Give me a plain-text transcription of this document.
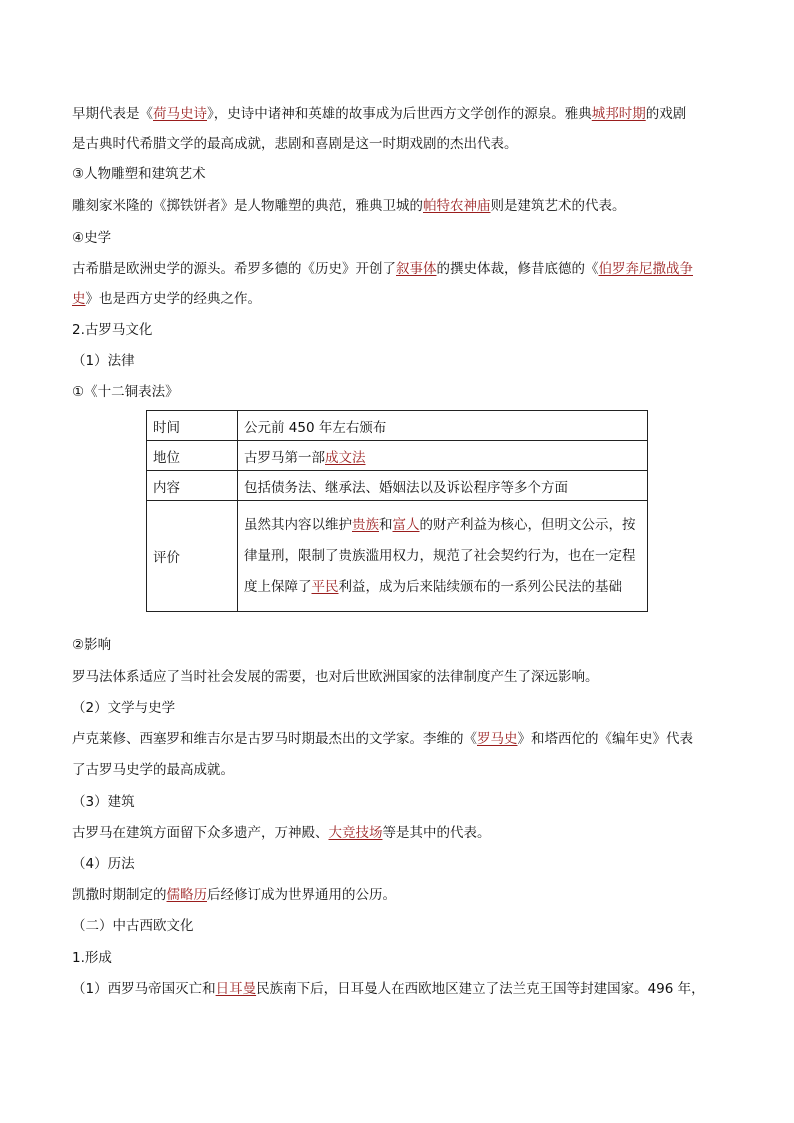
早期代表是《荷马史诗》，史诗中诸神和英雄的故事成为后世西方文学创作的源泉。雅典城邦时期的戏剧
是古典时代希腊文学的最高成就，悲剧和喜剧是这一时期戏剧的杰出代表。
③人物雕塑和建筑艺术
雕刻家米隆的《掷铁饼者》是人物雕塑的典范，雅典卫城的帕特农神庙则是建筑艺术的代表。
④史学
古希腊是欧洲史学的源头。希罗多德的《历史》开创了叙事体的撰史体裁，修昔底德的《伯罗奔尼撒战争
史》也是西方史学的经典之作。
2.古罗马文化
（1）法律
①《十二铜表法》
时间	公元前 450 年左右颁布
地位	古罗马第一部成文法
内容	包括债务法、继承法、婚姻法以及诉讼程序等多个方面
评价	虽然其内容以维护贵族和富人的财产利益为核心，但明文公示，按律量刑，限制了贵族滥用权力，规范了社会契约行为，也在一定程度上保障了平民利益，成为后来陆续颁布的一系列公民法的基础
②影响
罗马法体系适应了当时社会发展的需要，也对后世欧洲国家的法律制度产生了深远影响。
（2）文学与史学
卢克莱修、西塞罗和维吉尔是古罗马时期最杰出的文学家。李维的《罗马史》和塔西佗的《编年史》代表
了古罗马史学的最高成就。
（3）建筑
古罗马在建筑方面留下众多遗产，万神殿、大竞技场等是其中的代表。
（4）历法
凯撒时期制定的儒略历后经修订成为世界通用的公历。
（二）中古西欧文化
1.形成
（1）西罗马帝国灭亡和日耳曼民族南下后，日耳曼人在西欧地区建立了法兰克王国等封建国家。496 年，
